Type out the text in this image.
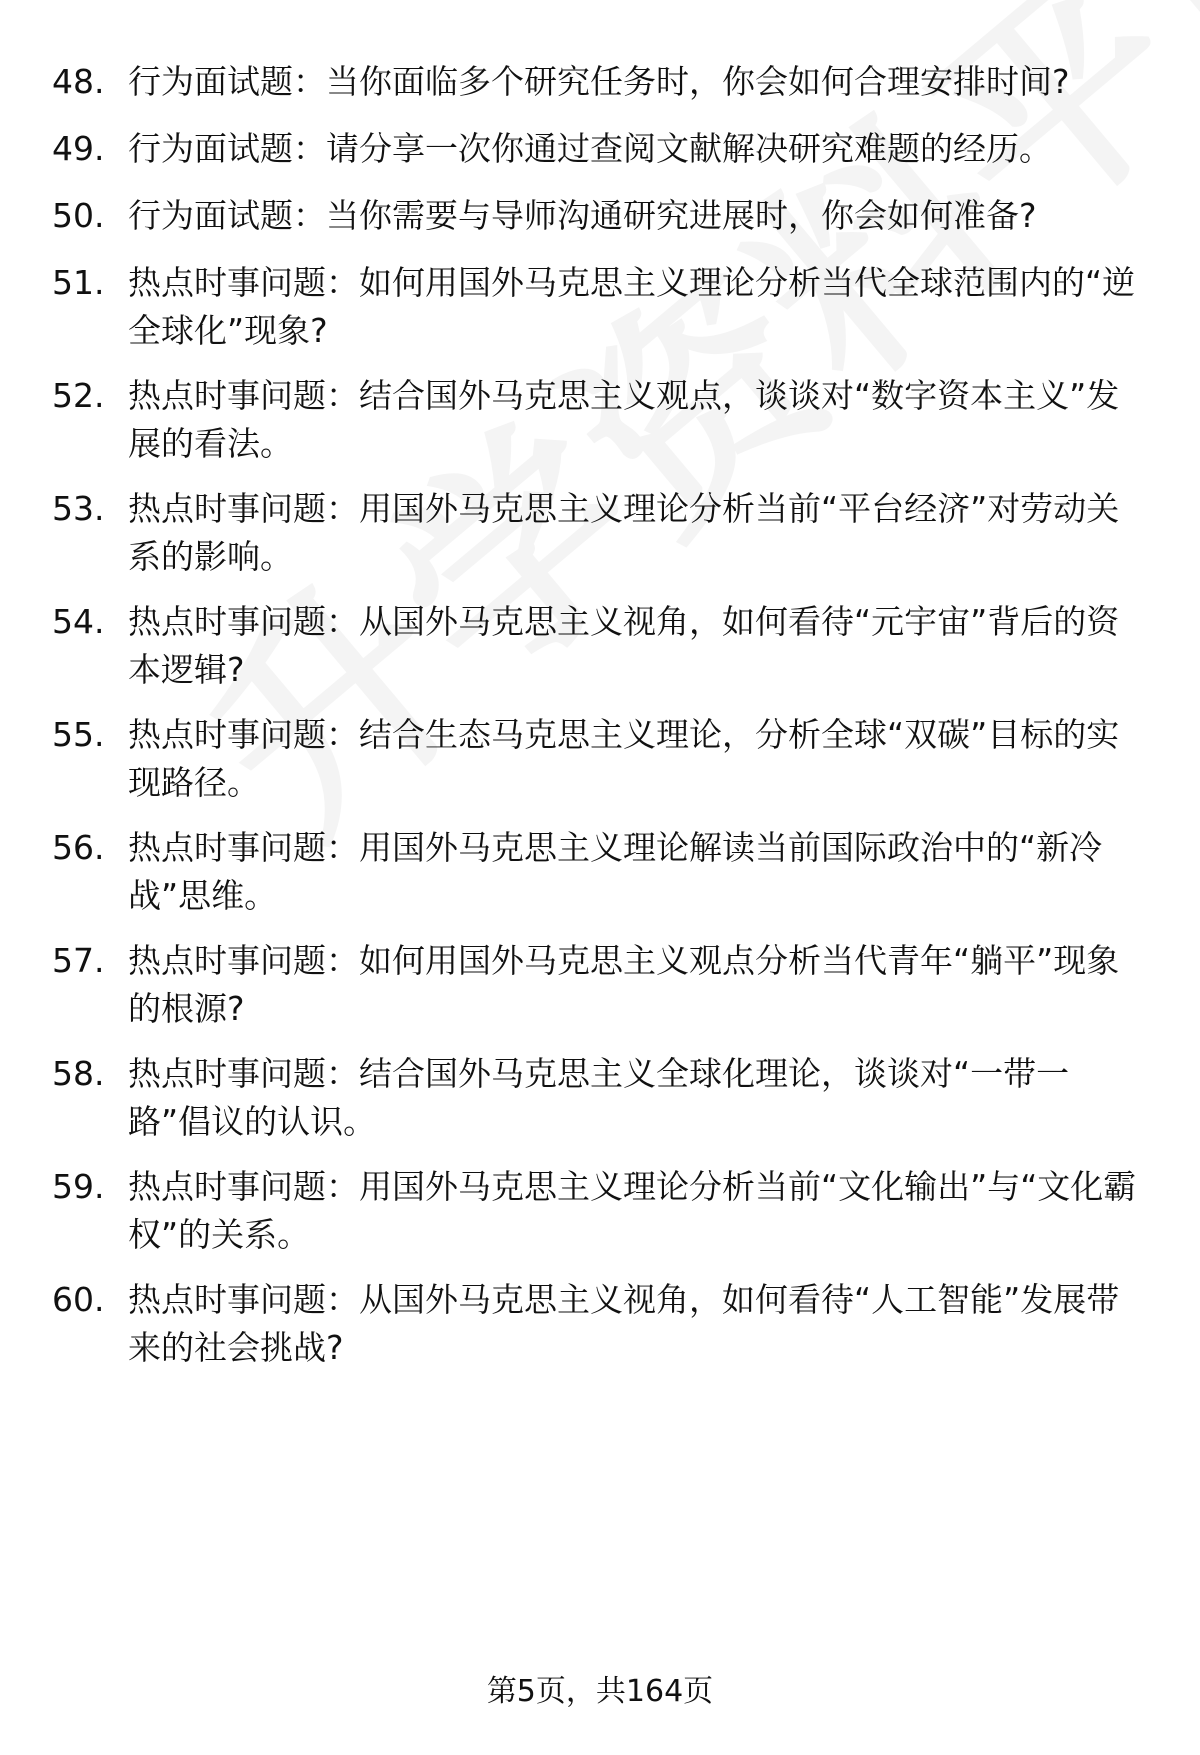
48. 行为面试题：当你面临多个研究任务时，你会如何合理安排时间?
49. 行为面试题：请分享一次你通过查阅文献解决研究难题的经历。
50. 行为面试题：当你需要与导师沟通研究进展时，你会如何准备?
51. 热点时事问题：如何用国外马克思主义理论分析当代全球范围内的“逆全球化”现象?
52. 热点时事问题：结合国外马克思主义观点，谈谈对“数字资本主义”发展的看法。
53. 热点时事问题：用国外马克思主义理论分析当前“平台经济”对劳动关系的影响。
54. 热点时事问题：从国外马克思主义视角，如何看待“元宇宙”背后的资本逻辑?
55. 热点时事问题：结合生态马克思主义理论，分析全球“双碳”目标的实现路径。
56. 热点时事问题：用国外马克思主义理论解读当前国际政治中的“新冷战”思维。
57. 热点时事问题：如何用国外马克思主义观点分析当代青年“躺平”现象的根源?
58. 热点时事问题：结合国外马克思主义全球化理论，谈谈对“一带一路”倡议的认识。
59. 热点时事问题：用国外马克思主义理论分析当前“文化输出”与“文化霸权”的关系。
60. 热点时事问题：从国外马克思主义视角，如何看待“人工智能”发展带来的社会挑战?
第5页，共164页
